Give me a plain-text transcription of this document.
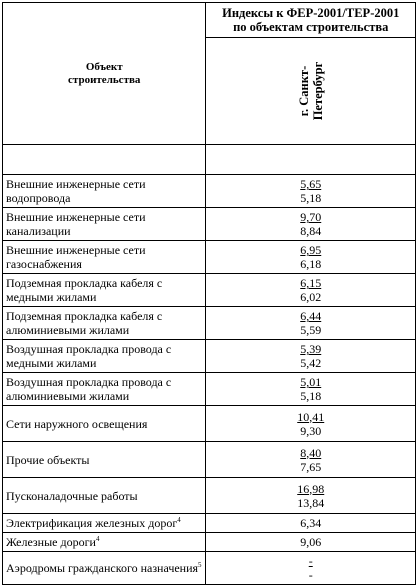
Объект строительства	Индексы к ФЕР-2001/ТЕР-2001 по объектам строительства

	г. Санкт-Петербург

Внешние инженерные сети водопровода	5,65
5,18
Внешние инженерные сети канализации	9,70
8,84
Внешние инженерные сети газоснабжения	6,95
6,18
Подземная прокладка кабеля с медными жилами	6,15
6,02
Подземная прокладка кабеля с алюминиевыми жилами	6,44
5,59
Воздушная прокладка провода с медными жилами	5,39
5,42
Воздушная прокладка провода с алюминиевыми жилами	5,01
5,18
Сети наружного освещения	10,41
9,30
Прочие объекты	8,40
7,65
Пусконаладочные работы	16,98
13,84
Электрификация железных дорог$^4$	6,34
Железные дороги$^4$	9,06
Аэродромы гражданского назначения$^5$	-
-
